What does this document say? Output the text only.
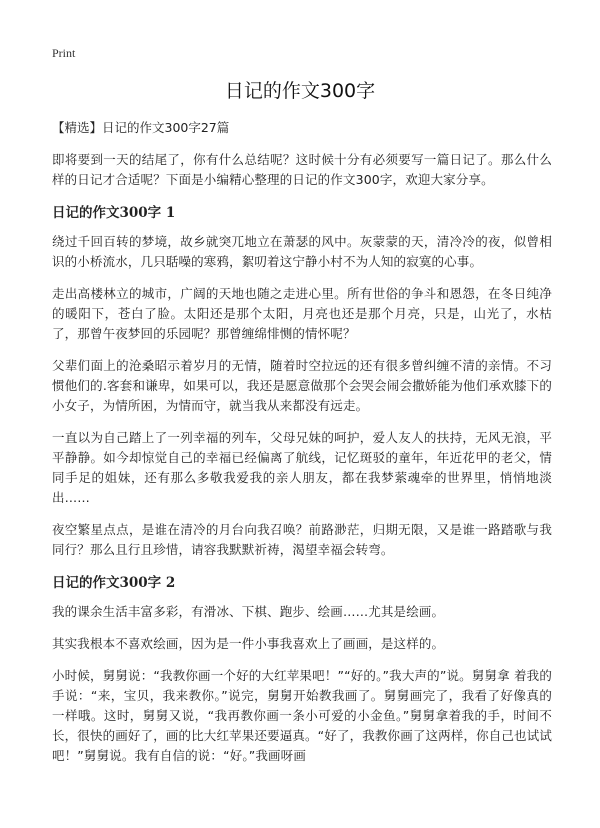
Print
日记的作文300字
【精选】日记的作文300字27篇

即将要到一天的结尾了，你有什么总结呢？这时候十分有必须要写一篇日记了。那么什么样的日记才合适呢？下面是小编精心整理的日记的作文300字，欢迎大家分享。

日记的作文300字 1

绕过千回百转的梦境，故乡就突兀地立在萧瑟的风中。灰蒙蒙的天，清冷冷的夜，似曾相识的小桥流水，几只聒噪的寒鸦，絮叨着这宁静小村不为人知的寂寞的心事。

走出高楼林立的城市，广阔的天地也随之走进心里。所有世俗的争斗和恩怨，在冬日纯净的暖阳下，苍白了脸。太阳还是那个太阳，月亮也还是那个月亮，只是，山光了，水枯了，那曾午夜梦回的乐园呢？那曾缠绵悱恻的情怀呢？

父辈们面上的沧桑昭示着岁月的无情，随着时空拉远的还有很多曾纠缠不清的亲情。不习惯他们的.客套和谦卑，如果可以，我还是愿意做那个会哭会闹会撒娇能为他们承欢膝下的小女子，为情所困，为情而守，就当我从来都没有远走。

一直以为自己踏上了一列幸福的列车，父母兄妹的呵护，爱人友人的扶持，无风无浪，平平静静。如今却惊觉自己的幸福已经偏离了航线，记忆斑驳的童年，年近花甲的老父，情同手足的姐妹，还有那么多敬我爱我的亲人朋友，都在我梦萦魂牵的世界里，悄悄地淡出……

夜空繁星点点，是谁在清冷的月台向我召唤？前路渺茫，归期无限，又是谁一路踏歌与我同行？那么且行且珍惜，请容我默默祈祷，渴望幸福会转弯。

日记的作文300字 2

我的课余生活丰富多彩，有滑冰、下棋、跑步、绘画……尤其是绘画。

其实我根本不喜欢绘画，因为是一件小事我喜欢上了画画，是这样的。

小时候，舅舅说：“我教你画一个好的大红苹果吧！”“好的。”我大声的”说。舅舅拿 着我的手说：“来，宝贝，我来教你。”说完，舅舅开始教我画了。舅舅画完了，我看了好像真的一样哦。这时，舅舅又说，“我再教你画一条小可爱的小金鱼。”舅舅拿着我的手，时间不长，很快的画好了，画的比大红苹果还要逼真。“好了，我教你画了这两样，你自己也试试吧！”舅舅说。我有自信的说：“好。”我画呀画
